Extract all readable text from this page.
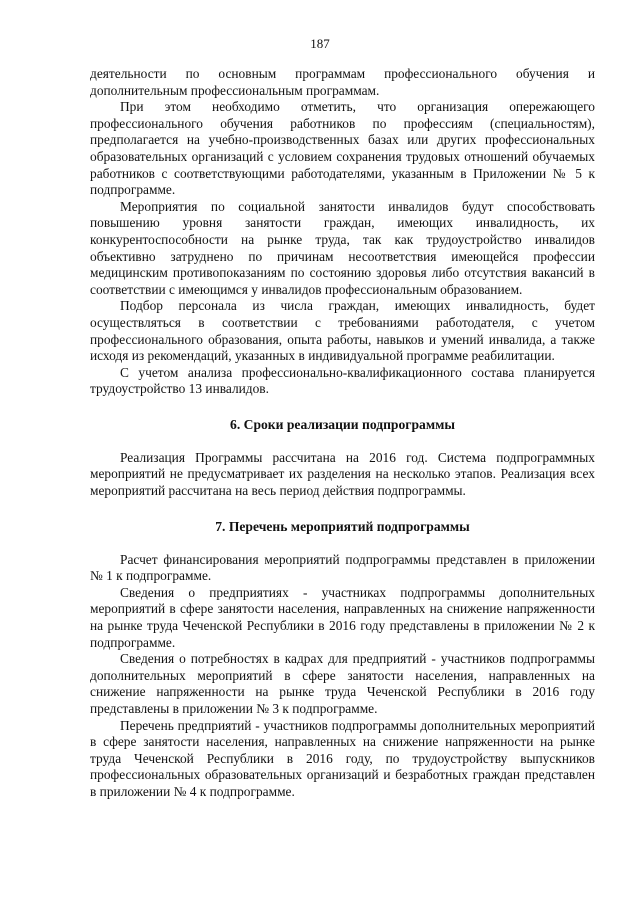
187

деятельности по основным программам профессионального обучения и дополнительным профессиональным программам.

При этом необходимо отметить, что организация опережающего профессионального обучения работников по профессиям (специальностям), предполагается на учебно-производственных базах или других профессиональных образовательных организаций с условием сохранения трудовых отношений обучаемых работников с соответствующими работодателями, указанным в Приложении № 5 к подпрограмме.

Мероприятия по социальной занятости инвалидов будут способствовать повышению уровня занятости граждан, имеющих инвалидность, их конкурентоспособности на рынке труда, так как трудоустройство инвалидов объективно затруднено по причинам несоответствия имеющейся профессии медицинским противопоказаниям по состоянию здоровья либо отсутствия вакансий в соответствии с имеющимся у инвалидов профессиональным образованием.

Подбор персонала из числа граждан, имеющих инвалидность, будет осуществляться в соответствии с требованиями работодателя, с учетом профессионального образования, опыта работы, навыков и умений инвалида, а также исходя из рекомендаций, указанных в индивидуальной программе реабилитации.

С учетом анализа профессионально-квалификационного состава планируется трудоустройство 13 инвалидов.

6. Сроки реализации подпрограммы

Реализация Программы рассчитана на 2016 год. Система подпрограммных мероприятий не предусматривает их разделения на несколько этапов. Реализация всех мероприятий рассчитана на весь период действия подпрограммы.

7. Перечень мероприятий подпрограммы

Расчет финансирования мероприятий подпрограммы представлен в приложении № 1 к подпрограмме.

Сведения о предприятиях - участниках подпрограммы дополнительных мероприятий в сфере занятости населения, направленных на снижение напряженности на рынке труда Чеченской Республики в 2016 году представлены в приложении № 2 к подпрограмме.

Сведения о потребностях в кадрах для предприятий - участников подпрограммы дополнительных мероприятий в сфере занятости населения, направленных на снижение напряженности на рынке труда Чеченской Республики в 2016 году представлены в приложении № 3 к подпрограмме.

Перечень предприятий - участников подпрограммы дополнительных мероприятий в сфере занятости населения, направленных на снижение напряженности на рынке труда Чеченской Республики в 2016 году, по трудоустройству выпускников профессиональных образовательных организаций и безработных граждан представлен в приложении № 4 к подпрограмме.
